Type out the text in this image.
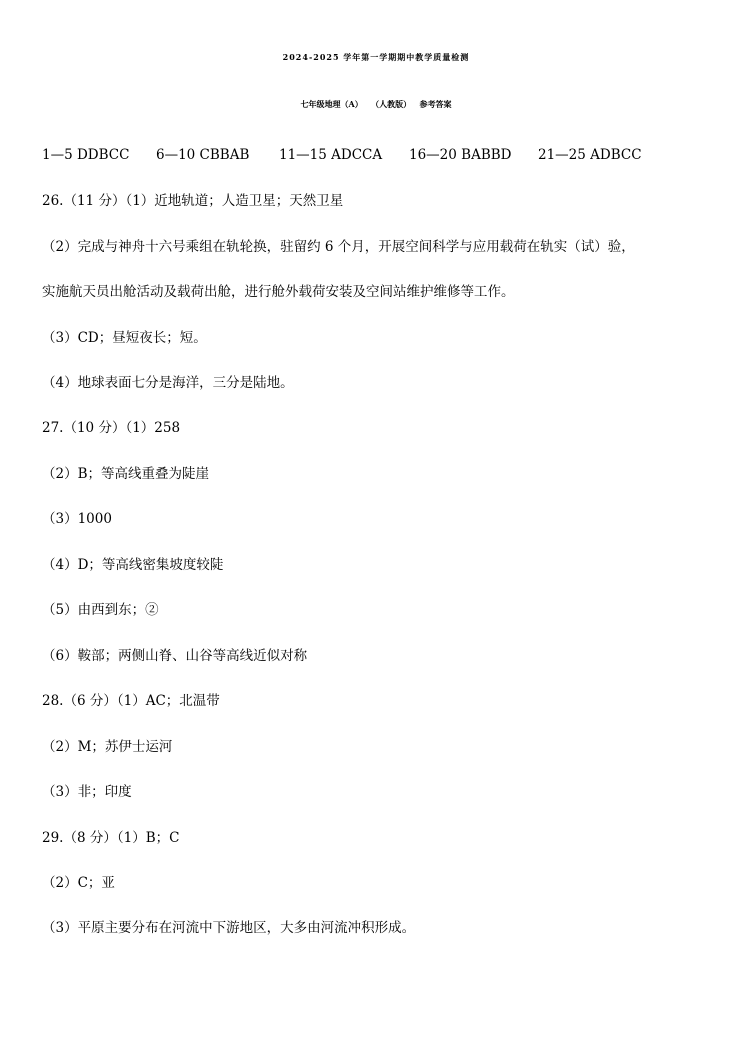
2024-2025 学年第一学期期中教学质量检测
七年级地理（A）   （人教版）   参考答案

1—5 DDBCC

6—10 CBBAB

11—15 ADCCA

16—20 BABBD

21—25 ADBCC

26.（11 分）（1）近地轨道；人造卫星；天然卫星
（2）完成与神舟十六号乘组在轨轮换，驻留约 6 个月，开展空间科学与应用载荷在轨实（试）验，
实施航天员出舱活动及载荷出舱，进行舱外载荷安装及空间站维护维修等工作。
（3）CD；昼短夜长；短。
（4）地球表面七分是海洋，三分是陆地。
27.（10 分）（1）258
（2）B；等高线重叠为陡崖
（3）1000
（4）D；等高线密集坡度较陡
（5）由西到东；②
（6）鞍部；两侧山脊、山谷等高线近似对称
28.（6 分）（1）AC；北温带
（2）M；苏伊士运河
（3）非；印度
29.（8 分）（1）B；C
（2）C；亚
（3）平原主要分布在河流中下游地区，大多由河流冲积形成。
